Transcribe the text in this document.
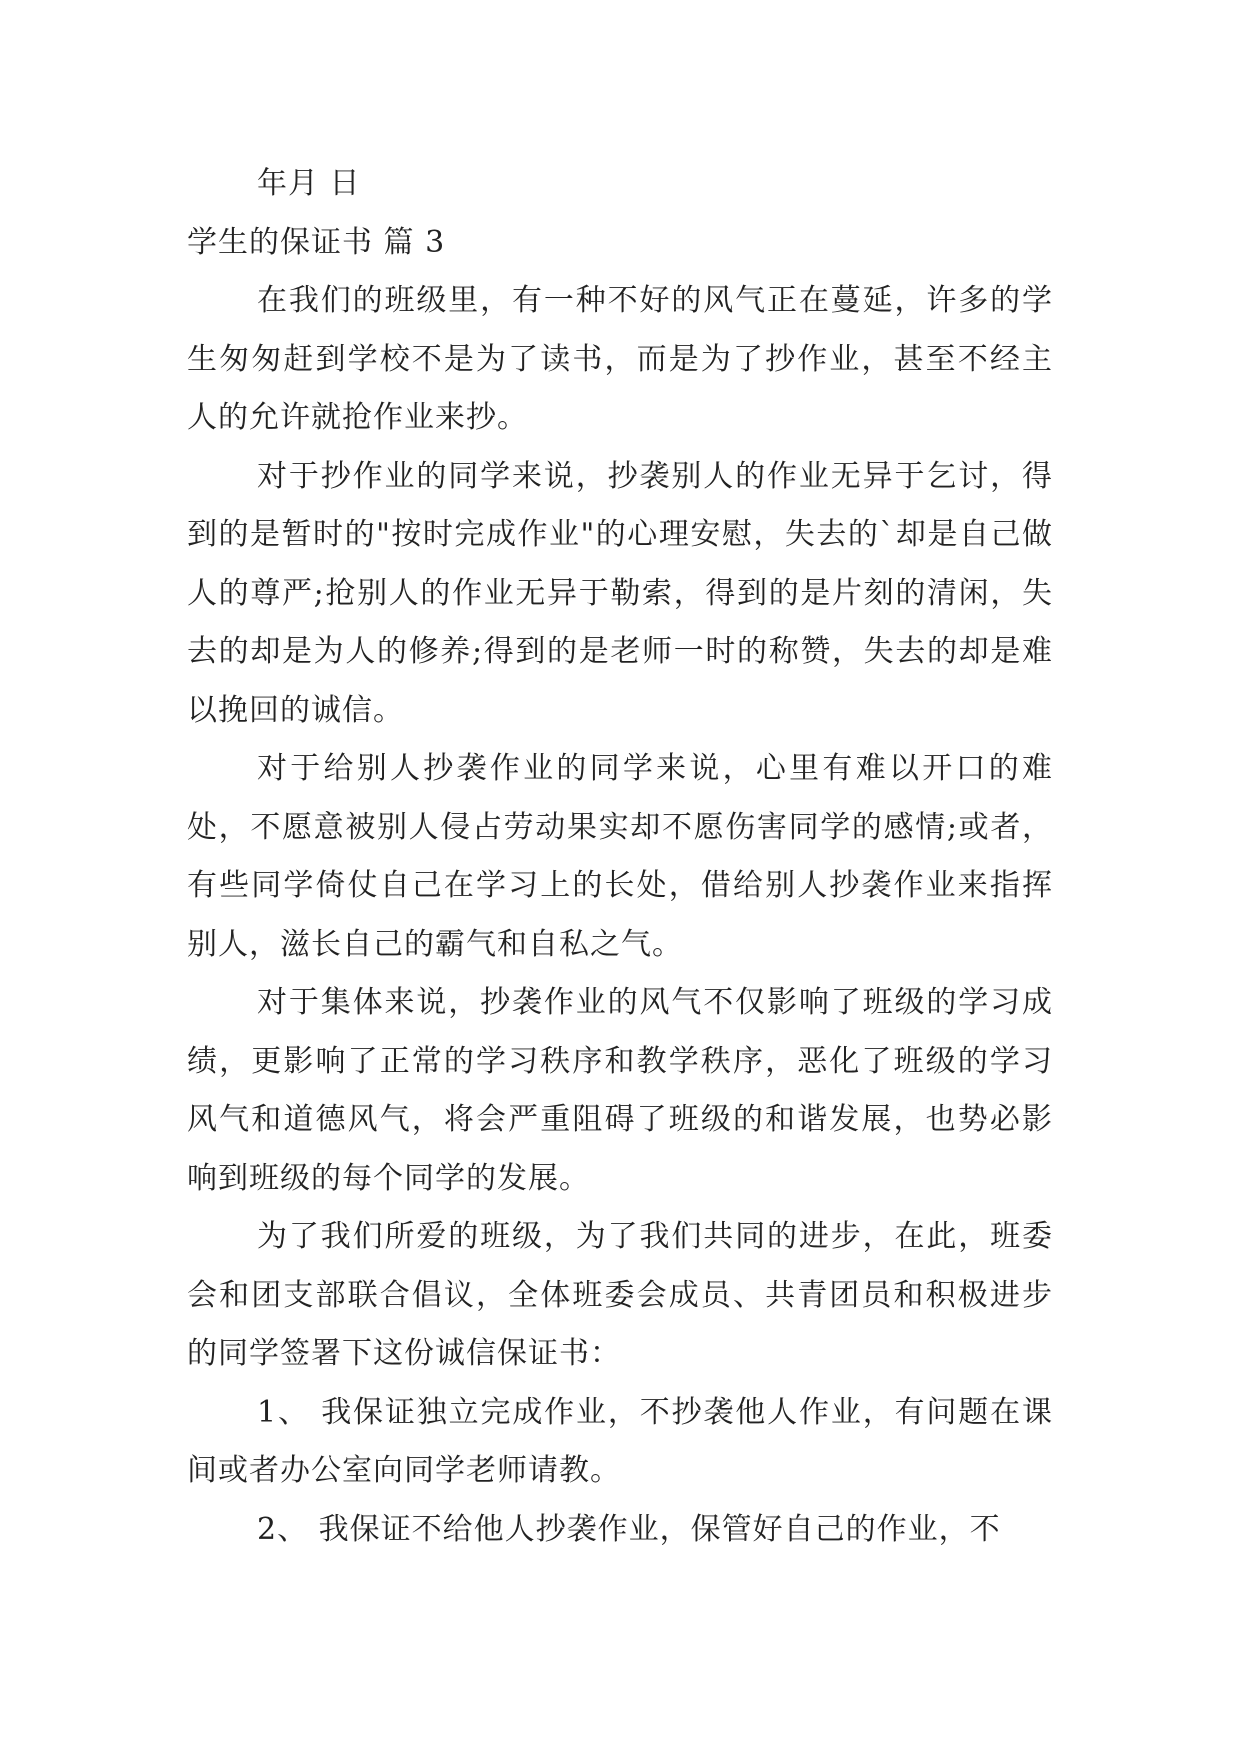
年月 日
学生的保证书 篇 3

在我们的班级里，有一种不好的风气正在蔓延，许多的学生匆匆赶到学校不是为了读书，而是为了抄作业，甚至不经主人的允许就抢作业来抄。

对于抄作业的同学来说，抄袭别人的作业无异于乞讨，得到的是暂时的"按时完成作业"的心理安慰，失去的`却是自己做人的尊严;抢别人的作业无异于勒索，得到的是片刻的清闲，失去的却是为人的修养;得到的是老师一时的称赞，失去的却是难以挽回的诚信。

对于给别人抄袭作业的同学来说，心里有难以开口的难处，不愿意被别人侵占劳动果实却不愿伤害同学的感情;或者，有些同学倚仗自己在学习上的长处，借给别人抄袭作业来指挥别人，滋长自己的霸气和自私之气。

对于集体来说，抄袭作业的风气不仅影响了班级的学习成绩，更影响了正常的学习秩序和教学秩序，恶化了班级的学习风气和道德风气，将会严重阻碍了班级的和谐发展，也势必影响到班级的每个同学的发展。

为了我们所爱的班级，为了我们共同的进步，在此，班委会和团支部联合倡议，全体班委会成员、共青团员和积极进步的同学签署下这份诚信保证书：

1、 我保证独立完成作业，不抄袭他人作业，有问题在课间或者办公室向同学老师请教。

2、 我保证不给他人抄袭作业，保管好自己的作业，不
